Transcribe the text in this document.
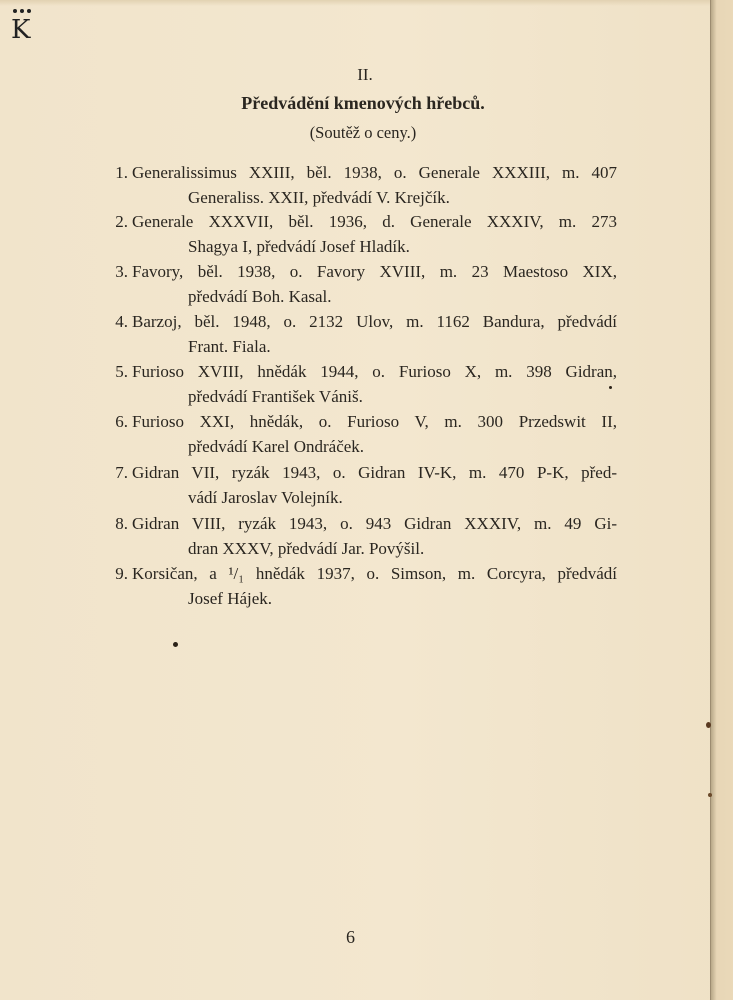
K
II.
Předvádění kmenových hřebců.
(Soutěž o ceny.)
1. Generalissimus XXIII, běl. 1938, o. Generale XXXIII, m. 407
Generaliss. XXII, předvádí V. Krejčík.
2. Generale XXXVII, běl. 1936, d. Generale XXXIV, m. 273
Shagya I, předvádí Josef Hladík.
3. Favory, běl. 1938, o. Favory XVIII, m. 23 Maestoso XIX,
předvádí Boh. Kasal.
4. Barzoj, běl. 1948, o. 2132 Ulov, m. 1162 Bandura, předvádí
Frant. Fiala.
5. Furioso XVIII, hnědák 1944, o. Furioso X, m. 398 Gidran,
předvádí František Vániš.
6. Furioso XXI, hnědák, o. Furioso V, m. 300 Przedswit II,
předvádí Karel Ondráček.
7. Gidran VII, ryzák 1943, o. Gidran IV-K, m. 470 P-K, před-
vádí Jaroslav Volejník.
8. Gidran VIII, ryzák 1943, o. 943 Gidran XXXIV, m. 49 Gi-
dran XXXV, předvádí Jar. Povýšil.
9. Korsičan, a ¹/₁ hnědák 1937, o. Simson, m. Corcyra, předvádí
Josef Hájek.
6
